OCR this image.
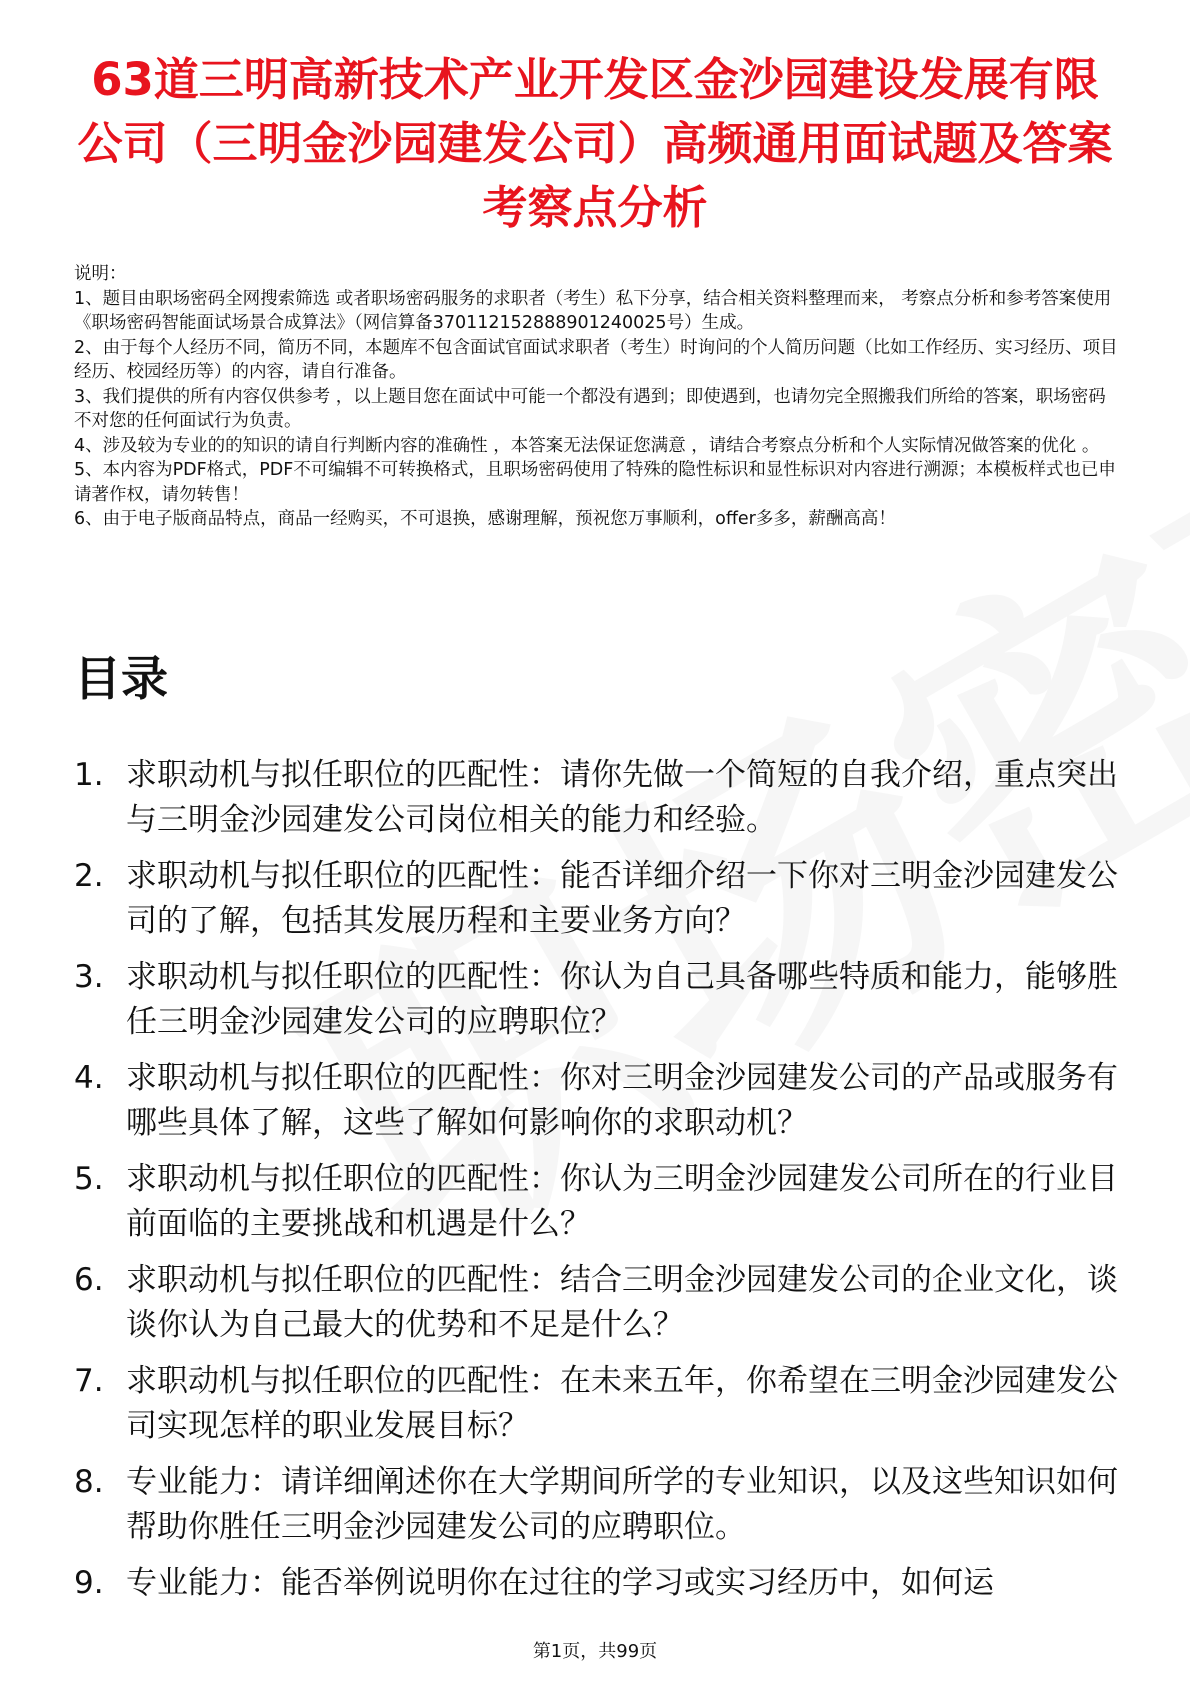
63道三明高新技术产业开发区金沙园建设发展有限公司（三明金沙园建发公司）高频通用面试题及答案考察点分析

说明：

1、题目由职场密码全网搜索筛选 或者职场密码服务的求职者（考生）私下分享，结合相关资料整理而来， 考察点分析和参考答案使用《职场密码智能面试场景合成算法》（网信算备370112152888901240025号）生成。

2、由于每个人经历不同，简历不同，本题库不包含面试官面试求职者（考生）时询问的个人简历问题（比如工作经历、实习经历、项目经历、校园经历等）的内容，请自行准备。

3、我们提供的所有内容仅供参考 ，以上题目您在面试中可能一个都没有遇到；即使遇到，也请勿完全照搬我们所给的答案，职场密码不对您的任何面试行为负责。

4、涉及较为专业的的知识的请自行判断内容的准确性 ，本答案无法保证您满意 ，请结合考察点分析和个人实际情况做答案的优化 。

5、本内容为PDF格式，PDF不可编辑不可转换格式，且职场密码使用了特殊的隐性标识和显性标识对内容进行溯源；本模板样式也已申请著作权，请勿转售！

6、由于电子版商品特点，商品一经购买，不可退换，感谢理解，预祝您万事顺利，offer多多，薪酬高高！

目录
1. 求职动机与拟任职位的匹配性：请你先做一个简短的自我介绍，重点突出与三明金沙园建发公司岗位相关的能力和经验。
2. 求职动机与拟任职位的匹配性：能否详细介绍一下你对三明金沙园建发公司的了解，包括其发展历程和主要业务方向？
3. 求职动机与拟任职位的匹配性：你认为自己具备哪些特质和能力，能够胜任三明金沙园建发公司的应聘职位？
4. 求职动机与拟任职位的匹配性：你对三明金沙园建发公司的产品或服务有哪些具体了解，这些了解如何影响你的求职动机？
5. 求职动机与拟任职位的匹配性：你认为三明金沙园建发公司所在的行业目前面临的主要挑战和机遇是什么？
6. 求职动机与拟任职位的匹配性：结合三明金沙园建发公司的企业文化，谈谈你认为自己最大的优势和不足是什么？
7. 求职动机与拟任职位的匹配性：在未来五年，你希望在三明金沙园建发公司实现怎样的职业发展目标？
8. 专业能力：请详细阐述你在大学期间所学的专业知识，以及这些知识如何帮助你胜任三明金沙园建发公司的应聘职位。
9. 专业能力：能否举例说明你在过往的学习或实习经历中，如何运
第1页，共99页
